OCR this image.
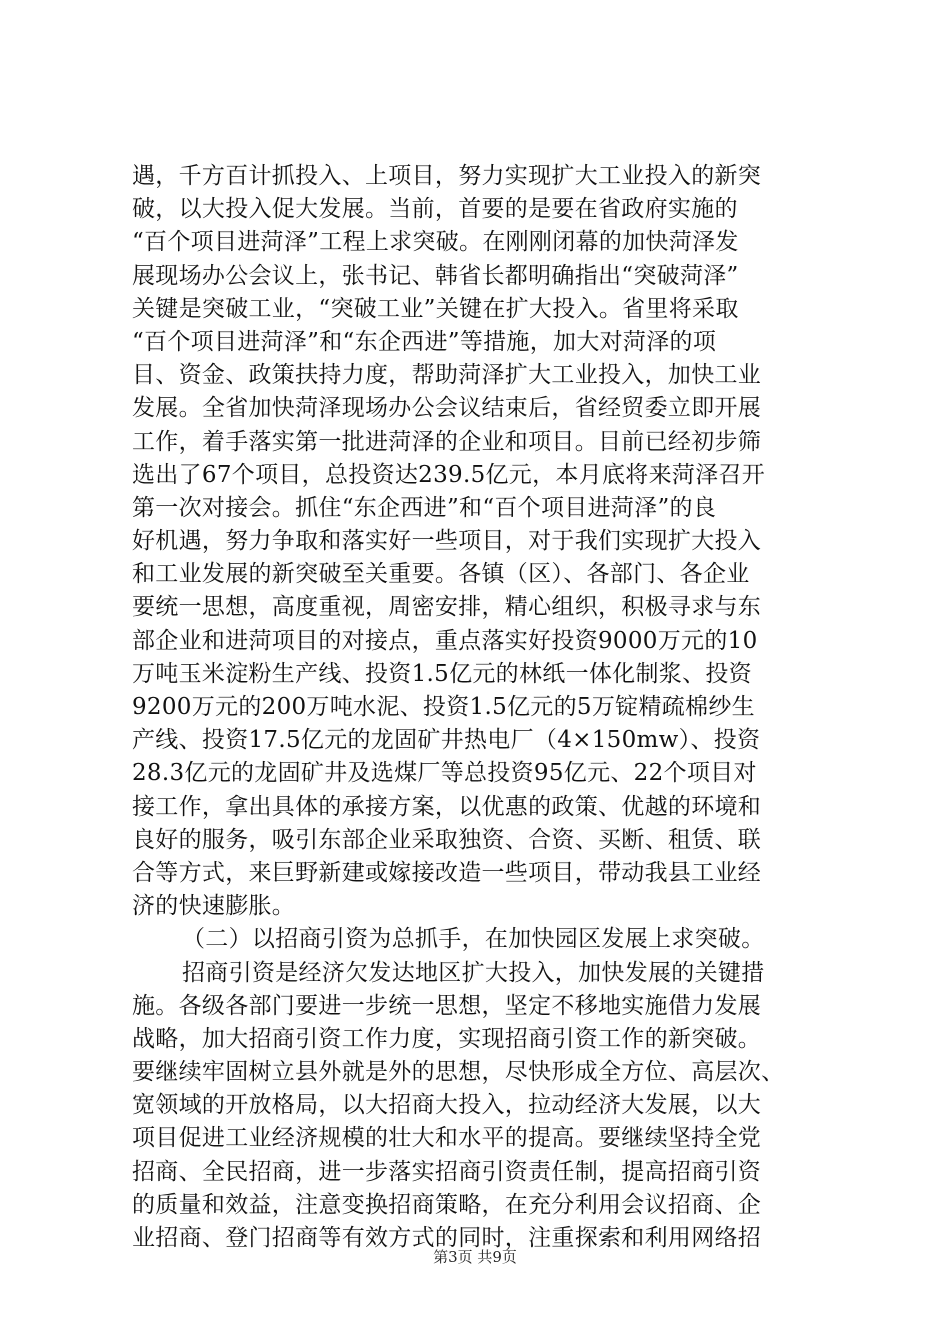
遇，千方百计抓投入、上项目，努力实现扩大工业投入的新突
破，以大投入促大发展。当前，首要的是要在省政府实施的
“百个项目进菏泽”工程上求突破。在刚刚闭幕的加快菏泽发
展现场办公会议上，张书记、韩省长都明确指出“突破菏泽”
关键是突破工业，“突破工业”关键在扩大投入。省里将采取
“百个项目进菏泽”和“东企西进”等措施，加大对菏泽的项
目、资金、政策扶持力度，帮助菏泽扩大工业投入，加快工业
发展。全省加快菏泽现场办公会议结束后，省经贸委立即开展
工作，着手落实第一批进菏泽的企业和项目。目前已经初步筛
选出了67个项目，总投资达239.5亿元，本月底将来菏泽召开
第一次对接会。抓住“东企西进”和“百个项目进菏泽”的良
好机遇，努力争取和落实好一些项目，对于我们实现扩大投入
和工业发展的新突破至关重要。各镇（区）、各部门、各企业
要统一思想，高度重视，周密安排，精心组织，积极寻求与东
部企业和进菏项目的对接点，重点落实好投资9000万元的10
万吨玉米淀粉生产线、投资1.5亿元的林纸一体化制浆、投资
9200万元的200万吨水泥、投资1.5亿元的5万锭精疏棉纱生
产线、投资17.5亿元的龙固矿井热电厂（4×150mw）、投资
28.3亿元的龙固矿井及选煤厂等总投资95亿元、22个项目对
接工作，拿出具体的承接方案，以优惠的政策、优越的环境和
良好的服务，吸引东部企业采取独资、合资、买断、租赁、联
合等方式，来巨野新建或嫁接改造一些项目，带动我县工业经
济的快速膨胀。
（二）以招商引资为总抓手，在加快园区发展上求突破。
招商引资是经济欠发达地区扩大投入，加快发展的关键措
施。各级各部门要进一步统一思想，坚定不移地实施借力发展
战略，加大招商引资工作力度，实现招商引资工作的新突破。
要继续牢固树立县外就是外的思想，尽快形成全方位、高层次、
宽领域的开放格局，以大招商大投入，拉动经济大发展，以大
项目促进工业经济规模的壮大和水平的提高。要继续坚持全党
招商、全民招商，进一步落实招商引资责任制，提高招商引资
的质量和效益，注意变换招商策略，在充分利用会议招商、企
业招商、登门招商等有效方式的同时，注重探索和利用网络招
第3页 共9页
